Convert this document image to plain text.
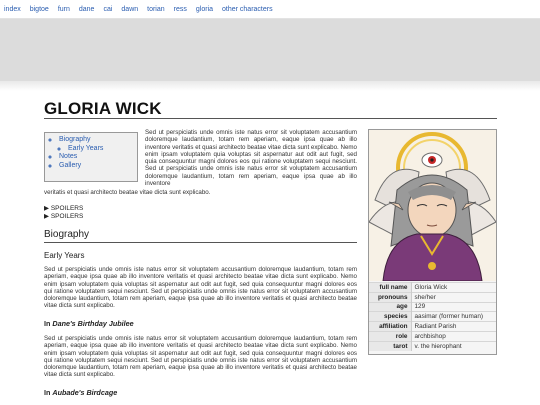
index bigtoe furn dane cai dawn torian ress gloria other characters
GLORIA WICK
◦ Biography
◦ Early Years
◦ Notes
◦ Gallery

Sed ut perspiciatis unde omnis iste natus error sit voluptatem accusantium doloremque laudantium, totam rem aperiam, eaque ipsa quae ab illo inventore veritatis et quasi architecto beatae vitae dicta sunt explicabo. Nemo enim ipsam voluptatem quia voluptas sit aspernatur aut odit aut fugit, sed quia consequuntur magni dolores eos qui ratione voluptatem sequi nesciunt. Sed ut perspiciatis unde omnis iste natus error sit voluptatem accusantium doloremque laudantium, totam rem aperiam, eaque ipsa quae ab illo inventore

veritatis et quasi architecto beatae vitae dicta sunt explicabo.

▶ SPOILERS
▶ SPOILERS
Biography
Early Years

Sed ut perspiciatis unde omnis iste natus error sit voluptatem accusantium doloremque laudantium, totam rem aperiam, eaque ipsa quae ab illo inventore veritatis et quasi architecto beatae vitae dicta sunt explicabo. Nemo enim ipsam voluptatem quia voluptas sit aspernatur aut odit aut fugit, sed quia consequuntur magni dolores eos qui ratione voluptatem sequi nesciunt. Sed ut perspiciatis unde omnis iste natus error sit voluptatem accusantium doloremque laudantium, totam rem aperiam, eaque ipsa quae ab illo inventore veritatis et quasi architecto beatae vitae dicta sunt explicabo.

In Dane's Birthday Jubilee

Sed ut perspiciatis unde omnis iste natus error sit voluptatem accusantium doloremque laudantium, totam rem aperiam, eaque ipsa quae ab illo inventore veritatis et quasi architecto beatae vitae dicta sunt explicabo. Nemo enim ipsam voluptatem quia voluptas sit aspernatur aut odit aut fugit, sed quia consequuntur magni dolores eos qui ratione voluptatem sequi nesciunt. Sed ut perspiciatis unde omnis iste natus error sit voluptatem accusantium doloremque laudantium, totam rem aperiam, eaque ipsa quae ab illo inventore veritatis et quasi architecto beatae vitae dicta sunt explicabo.

In Aubade's Birdcage
full name	Gloria Wick
pronouns	she/her
age	129
species	aasimar (former human)
affiliation	Radiant Parish
role	archbishop
tarot	v. the hierophant
